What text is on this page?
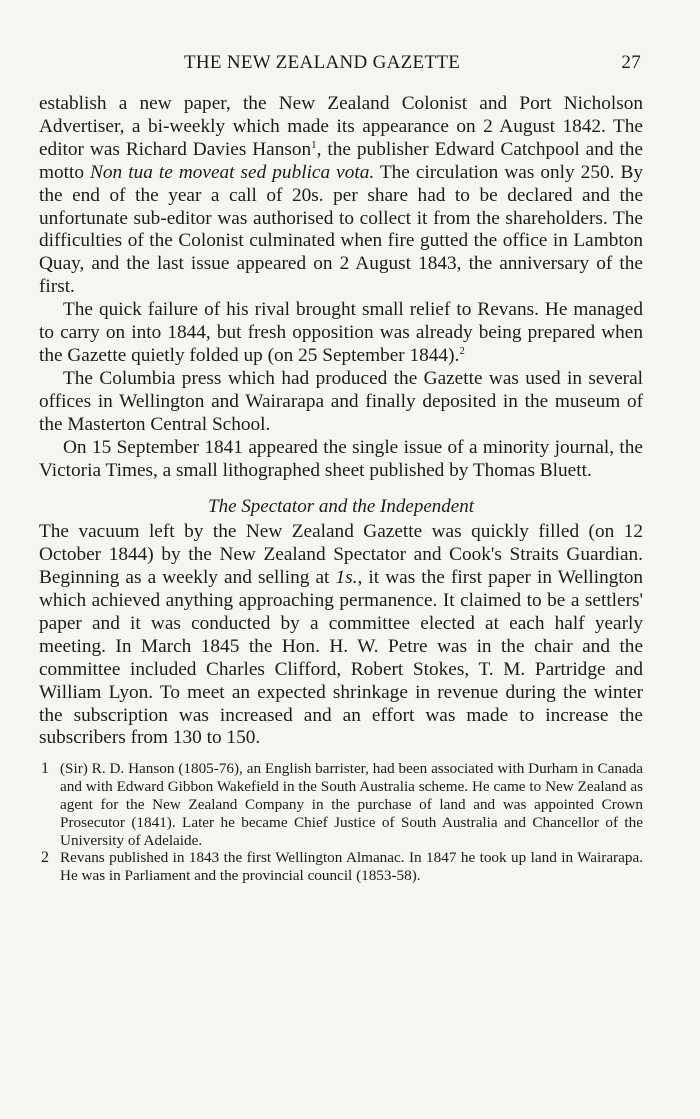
THE NEW ZEALAND GAZETTE	27

establish a new paper, the New Zealand Colonist and Port Nicholson Advertiser, a bi-weekly which made its appearance on 2 August 1842. The editor was Richard Davies Hanson$^1$, the publisher Edward Catchpool and the motto Non tua te moveat sed publica vota. The circulation was only 250. By the end of the year a call of 20s. per share had to be declared and the unfortunate sub-editor was authorised to collect it from the shareholders. The difficulties of the Colonist culminated when fire gutted the office in Lambton Quay, and the last issue appeared on 2 August 1843, the anniversary of the first.

The quick failure of his rival brought small relief to Revans. He managed to carry on into 1844, but fresh opposition was already being prepared when the Gazette quietly folded up (on 25 September 1844).$^2$

The Columbia press which had produced the Gazette was used in several offices in Wellington and Wairarapa and finally deposited in the museum of the Masterton Central School.

On 15 September 1841 appeared the single issue of a minority journal, the Victoria Times, a small lithographed sheet published by Thomas Bluett.

The Spectator and the Independent

The vacuum left by the New Zealand Gazette was quickly filled (on 12 October 1844) by the New Zealand Spectator and Cook's Straits Guardian. Beginning as a weekly and selling at 1s., it was the first paper in Wellington which achieved anything approaching permanence. It claimed to be a settlers' paper and it was conducted by a committee elected at each half yearly meeting. In March 1845 the Hon. H. W. Petre was in the chair and the committee included Charles Clifford, Robert Stokes, T. M. Partridge and William Lyon. To meet an expected shrinkage in revenue during the winter the subscription was increased and an effort was made to increase the subscribers from 130 to 150.

1 (Sir) R. D. Hanson (1805-76), an English barrister, had been associated with Durham in Canada and with Edward Gibbon Wakefield in the South Australia scheme. He came to New Zealand as agent for the New Zealand Company in the purchase of land and was appointed Crown Prosecutor (1841). Later he became Chief Justice of South Australia and Chancellor of the University of Adelaide.
2 Revans published in 1843 the first Wellington Almanac. In 1847 he took up land in Wairarapa. He was in Parliament and the provincial council (1853-58).
